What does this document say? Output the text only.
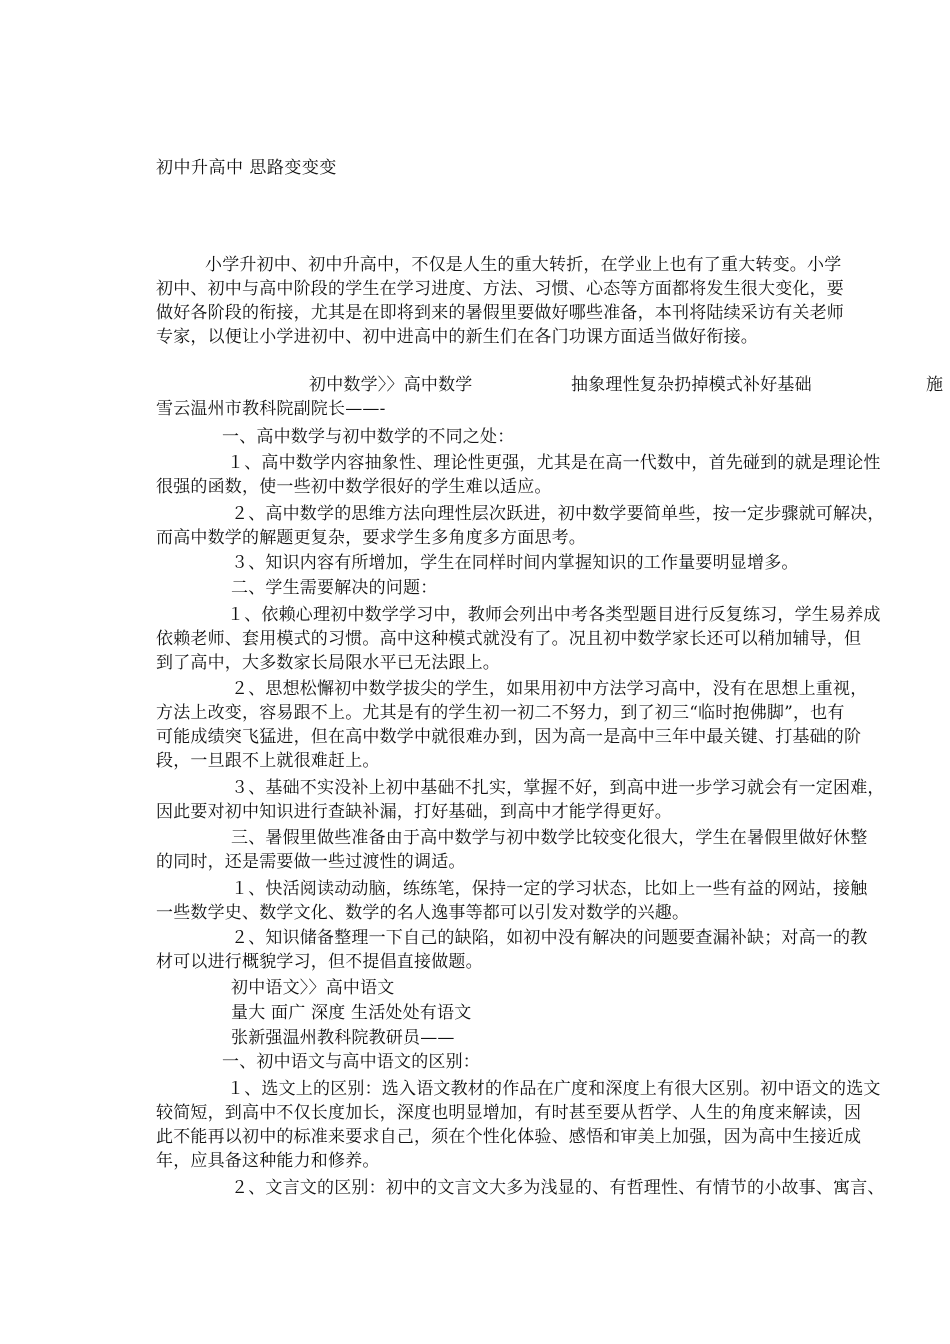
初中升高中 思路变变变
小学升初中、初中升高中，不仅是人生的重大转折，在学业上也有了重大转变。小学
初中、初中与高中阶段的学生在学习进度、方法、习惯、心态等方面都将发生很大变化，要
做好各阶段的衔接，尤其是在即将到来的暑假里要做好哪些准备，本刊将陆续采访有关老师
专家，以便让小学进初中、初中进高中的新生们在各门功课方面适当做好衔接。
初中数学〉〉高中数学	抽象理性复杂扔掉模式补好基础	施
雪云温州市教科院副院长——-
一、高中数学与初中数学的不同之处：
１、高中数学内容抽象性、理论性更强，尤其是在高一代数中，首先碰到的就是理论性
很强的函数，使一些初中数学很好的学生难以适应。
２、高中数学的思维方法向理性层次跃进，初中数学要简单些，按一定步骤就可解决，
而高中数学的解题更复杂，要求学生多角度多方面思考。
３、知识内容有所增加，学生在同样时间内掌握知识的工作量要明显增多。
二、学生需要解决的问题：
１、依赖心理初中数学学习中，教师会列出中考各类型题目进行反复练习，学生易养成
依赖老师、套用模式的习惯。高中这种模式就没有了。况且初中数学家长还可以稍加辅导，但
到了高中，大多数家长局限水平已无法跟上。
２、思想松懈初中数学拔尖的学生，如果用初中方法学习高中，没有在思想上重视，
方法上改变，容易跟不上。尤其是有的学生初一初二不努力，到了初三“临时抱佛脚”，也有
可能成绩突飞猛进，但在高中数学中就很难办到，因为高一是高中三年中最关键、打基础的阶
段，一旦跟不上就很难赶上。
３、基础不实没补上初中基础不扎实，掌握不好，到高中进一步学习就会有一定困难，
因此要对初中知识进行查缺补漏，打好基础，到高中才能学得更好。
三、暑假里做些准备由于高中数学与初中数学比较变化很大，学生在暑假里做好休整
的同时，还是需要做一些过渡性的调适。
１、快活阅读动动脑，练练笔，保持一定的学习状态，比如上一些有益的网站，接触
一些数学史、数学文化、数学的名人逸事等都可以引发对数学的兴趣。
２、知识储备整理一下自己的缺陷，如初中没有解决的问题要查漏补缺；对高一的教
材可以进行概貌学习，但不提倡直接做题。
初中语文〉〉高中语文
量大 面广 深度 生活处处有语文
张新强温州教科院教研员——
一、初中语文与高中语文的区别：
１、选文上的区别：选入语文教材的作品在广度和深度上有很大区别。初中语文的选文
较简短，到高中不仅长度加长，深度也明显增加，有时甚至要从哲学、人生的角度来解读，因
此不能再以初中的标准来要求自己，须在个性化体验、感悟和审美上加强，因为高中生接近成
年，应具备这种能力和修养。
２、文言文的区别：初中的文言文大多为浅显的、有哲理性、有情节的小故事、寓言、
